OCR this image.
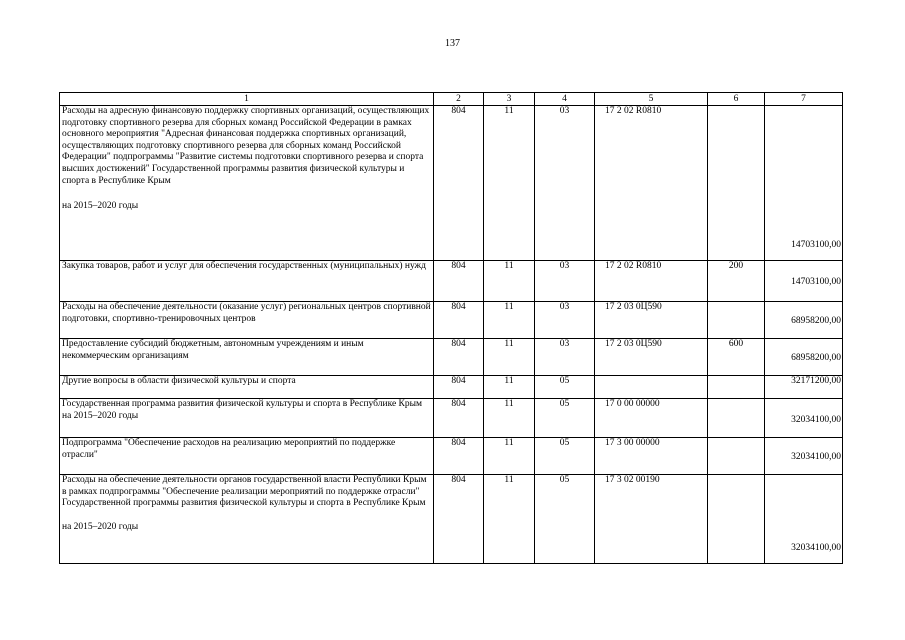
137
1	2	3	4	5	6	7
Расходы на адресную финансовую поддержку спортивных организаций, осуществляющих подготовку спортивного резерва для сборных команд Российской Федерации в рамках основного мероприятия "Адресная финансовая поддержка спортивных организаций, осуществляющих подготовку спортивного резерва для сборных команд Российской Федерации" подпрограммы "Развитие системы подготовки спортивного резерва и спорта высших достижений" Государственной программы развития физической культуры и спорта в Республике Крым
на 2015–2020 годы	804	11	03	17 2 02 R0810		14703100,00
Закупка товаров, работ и услуг для обеспечения государственных (муниципальных) нужд	804	11	03	17 2 02 R0810	200	14703100,00
Расходы на обеспечение деятельности (оказание услуг) региональных центров спортивной подготовки, спортивно-тренировочных центров	804	11	03	17 2 03 0Ц590		68958200,00
Предоставление субсидий бюджетным, автономным учреждениям и иным некоммерческим организациям	804	11	03	17 2 03 0Ц590	600	68958200,00
Другие вопросы в области физической культуры и спорта	804	11	05			32171200,00
Государственная программа развития физической культуры и спорта в Республике Крым на 2015–2020 годы	804	11	05	17 0 00 00000		32034100,00
Подпрограмма "Обеспечение расходов на реализацию мероприятий по поддержке отрасли"	804	11	05	17 3 00 00000		32034100,00
Расходы на обеспечение деятельности органов государственной власти Республики Крым в рамках подпрограммы "Обеспечение реализации мероприятий по поддержке отрасли" Государственной программы развития физической культуры и спорта в Республике Крым
на 2015–2020 годы	804	11	05	17 3 02 00190		32034100,00
